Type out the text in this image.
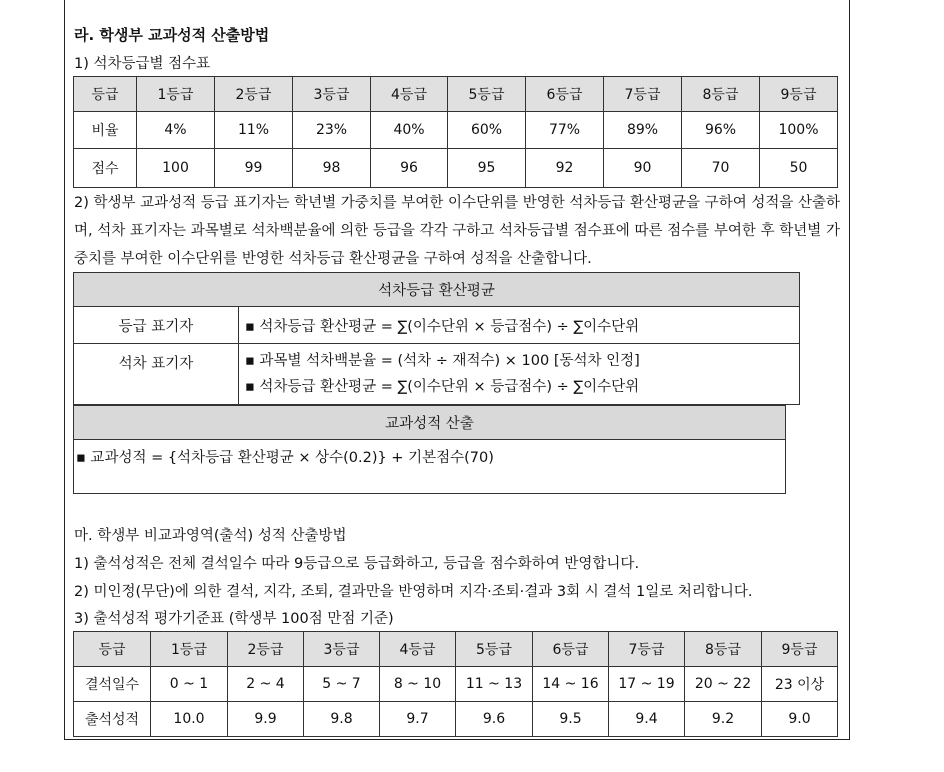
라. 학생부 교과성적 산출방법
1) 석차등급별 점수표
등급	1등급	2등급	3등급	4등급	5등급	6등급	7등급	8등급	9등급
비율	4%	11%	23%	40%	60%	77%	89%	96%	100%
점수	100	99	98	96	95	92	90	70	50
2) 학생부 교과성적 등급 표기자는 학년별 가중치를 부여한 이수단위를 반영한 석차등급 환산평균을 구하여 성적을 산출하며, 석차 표기자는 과목별로 석차백분율에 의한 등급을 각각 구하고 석차등급별 점수표에 따른 점수를 부여한 후 학년별 가중치를 부여한 이수단위를 반영한 석차등급 환산평균을 구하여 성적을 산출합니다.
석차등급 환산평균	
등급 표기자	▪ 석차등급 환산평균 = ∑(이수단위 × 등급점수) ÷ ∑이수단위
석차 표기자	▪ 과목별 석차백분율 = (석차 ÷ 재적수) × 100 [동석차 인정]
▪ 석차등급 환산평균 = ∑(이수단위 × 등급점수) ÷ ∑이수단위
교과성적 산출
▪ 교과성적 = {석차등급 환산평균 × 상수(0.2)} + 기본점수(70)
마. 학생부 비교과영역(출석) 성적 산출방법
1) 출석성적은 전체 결석일수 따라 9등급으로 등급화하고, 등급을 점수화하여 반영합니다.
2) 미인정(무단)에 의한 결석, 지각, 조퇴, 결과만을 반영하며 지각·조퇴·결과 3회 시 결석 1일로 처리합니다.
3) 출석성적 평가기준표 (학생부 100점 만점 기준)
등급	1등급	2등급	3등급	4등급	5등급	6등급	7등급	8등급	9등급
결석일수	0 ~ 1	2 ~ 4	5 ~ 7	8 ~ 10	11 ~ 13	14 ~ 16	17 ~ 19	20 ~ 22	23 이상
출석성적	10.0	9.9	9.8	9.7	9.6	9.5	9.4	9.2	9.0
